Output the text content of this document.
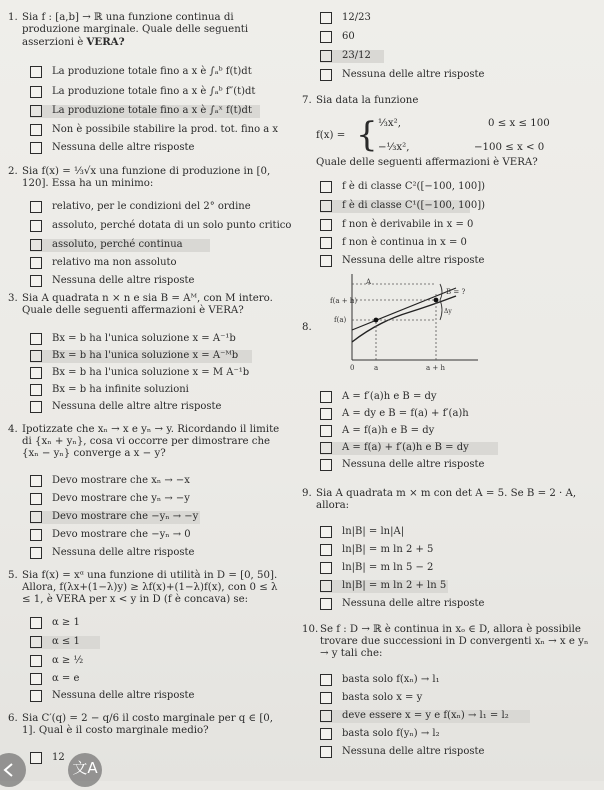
1. Sia f : [a,b] → ℝ una funzione continua di produzione marginale. Quale delle seguenti asserzioni è VERA?
La produzione totale fino a x è ∫ₐᵇ f(t)dt
La produzione totale fino a x è ∫ₐᵇ f″(t)dt
La produzione totale fino a x è ∫ₐˣ f(t)dt
Non è possibile stabilire la prod. tot. fino a x
Nessuna delle altre risposte
2. Sia f(x) = ⅓√x una funzione di produzione in [0, 120]. Essa ha un minimo:
relativo, per le condizioni del 2° ordine
assoluto, perché dotata di un solo punto critico
assoluto, perché continua
relativo ma non assoluto
Nessuna delle altre risposte
3. Sia A quadrata n × n e sia B = Aᴹ, con M intero. Quale delle seguenti affermazioni è VERA?
Bx = b ha l'unica soluzione x = A⁻¹b
Bx = b ha l'unica soluzione x = A⁻ᴹb
Bx = b ha l'unica soluzione x = M A⁻¹b
Bx = b ha infinite soluzioni
Nessuna delle altre altre risposte
4. Ipotizzate che xₙ → x e yₙ → y. Ricordando il limite di {xₙ + yₙ}, cosa vi occorre per dimostrare che {xₙ − yₙ} converge a x − y?
Devo mostrare che xₙ → −x
Devo mostrare che yₙ → −y
Devo mostrare che −yₙ → −y
Devo mostrare che −yₙ → 0
Nessuna delle altre risposte
5. Sia f(x) = xᵅ una funzione di utilità in D = [0, 50]. Allora, f(λx+(1−λ)y) ≥ λf(x)+(1−λ)f(x), con 0 ≤ λ ≤ 1, è VERA per x < y in D (f è concava) se:
α ≥ 1
α ≤ 1
α ≥ ½
α = e
Nessuna delle altre risposte
6. Sia C′(q) = 2 − q/6 il costo marginale per q ∈ [0, 1]. Qual è il costo marginale medio?
12
12/23
60
23/12
Nessuna delle altre risposte
7. Sia data la funzione
f(x) = { ⅓x²,	0 ≤ x ≤ 100
−⅓x²,	−100 ≤ x < 0
Quale delle seguenti affermazioni è VERA?
f è di classe C²([−100, 100])
f è di classe C¹([−100, 100])
f non è derivabile in x = 0
f non è continua in x = 0
Nessuna delle altre risposte
8.
A
f(a + h)
f(a)
B = ?
Δy
0	a	a + h
A = f′(a)h e B = dy
A = dy e B = f(a) + f′(a)h
A = f(a)h e B = dy
A = f(a) + f′(a)h e B = dy
Nessuna delle altre risposte
9. Sia A quadrata m × m con det A = 5. Se B = 2 · A, allora:
ln|B| = ln|A|
ln|B| = m ln 2 + 5
ln|B| = m ln 5 − 2
ln|B| = m ln 2 + ln 5
Nessuna delle altre risposte
10. Se f : D → ℝ è continua in xₒ ∈ D, allora è possibile trovare due successioni in D convergenti xₙ → x e yₙ → y tali che:
basta solo f(xₙ) → l₁
basta solo x = y
deve essere x = y e f(xₙ) → l₁ = l₂
basta solo f(yₙ) → l₂
Nessuna delle altre risposte
文A
